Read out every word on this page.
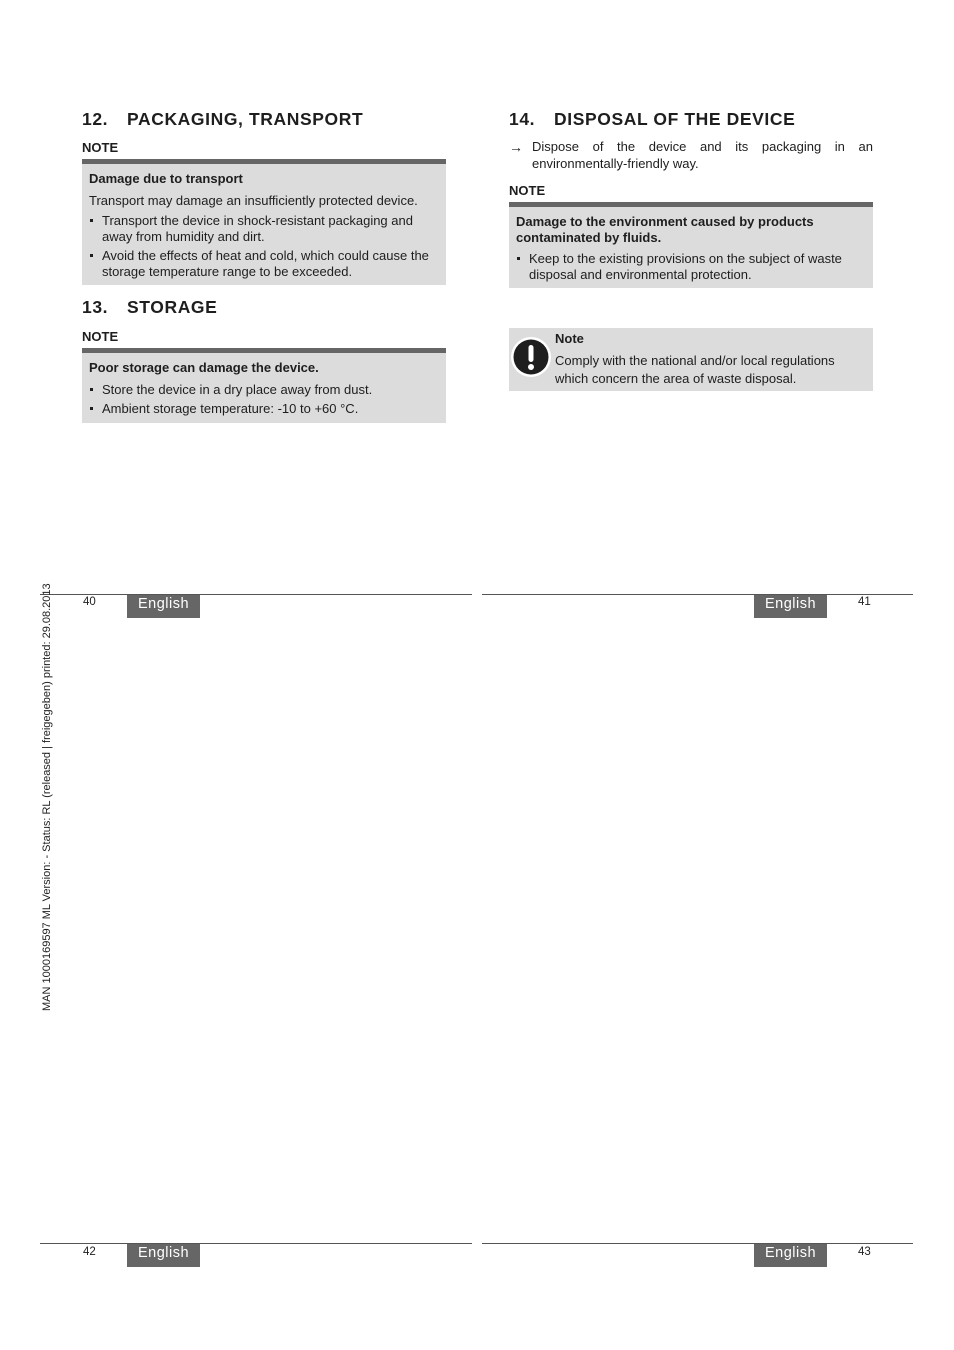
12. PACKAGING, TRANSPORT
NOTE
Damage due to transport
Transport may damage an insufficiently protected device.
Transport the device in shock-resistant packaging and away from humidity and dirt.
Avoid the effects of heat and cold, which could cause the storage temperature range to be exceeded.
13. STORAGE
NOTE
Poor storage can damage the device.
Store the device in a dry place away from dust.
Ambient storage temperature: -10 to +60 °C.
14. DISPOSAL OF THE DEVICE
→ Dispose of the device and its packaging in an environmentally-friendly way.
NOTE
Damage to the environment caused by products contaminated by fluids.
Keep to the existing provisions on the subject of waste disposal and environmental protection.
Note
Comply with the national and/or local regulations which concern the area of waste disposal.
40	English	English	41
42	English	English	43
MAN 1000169597 ML Version: - Status: RL (released | freigegeben) printed: 29.08.2013
